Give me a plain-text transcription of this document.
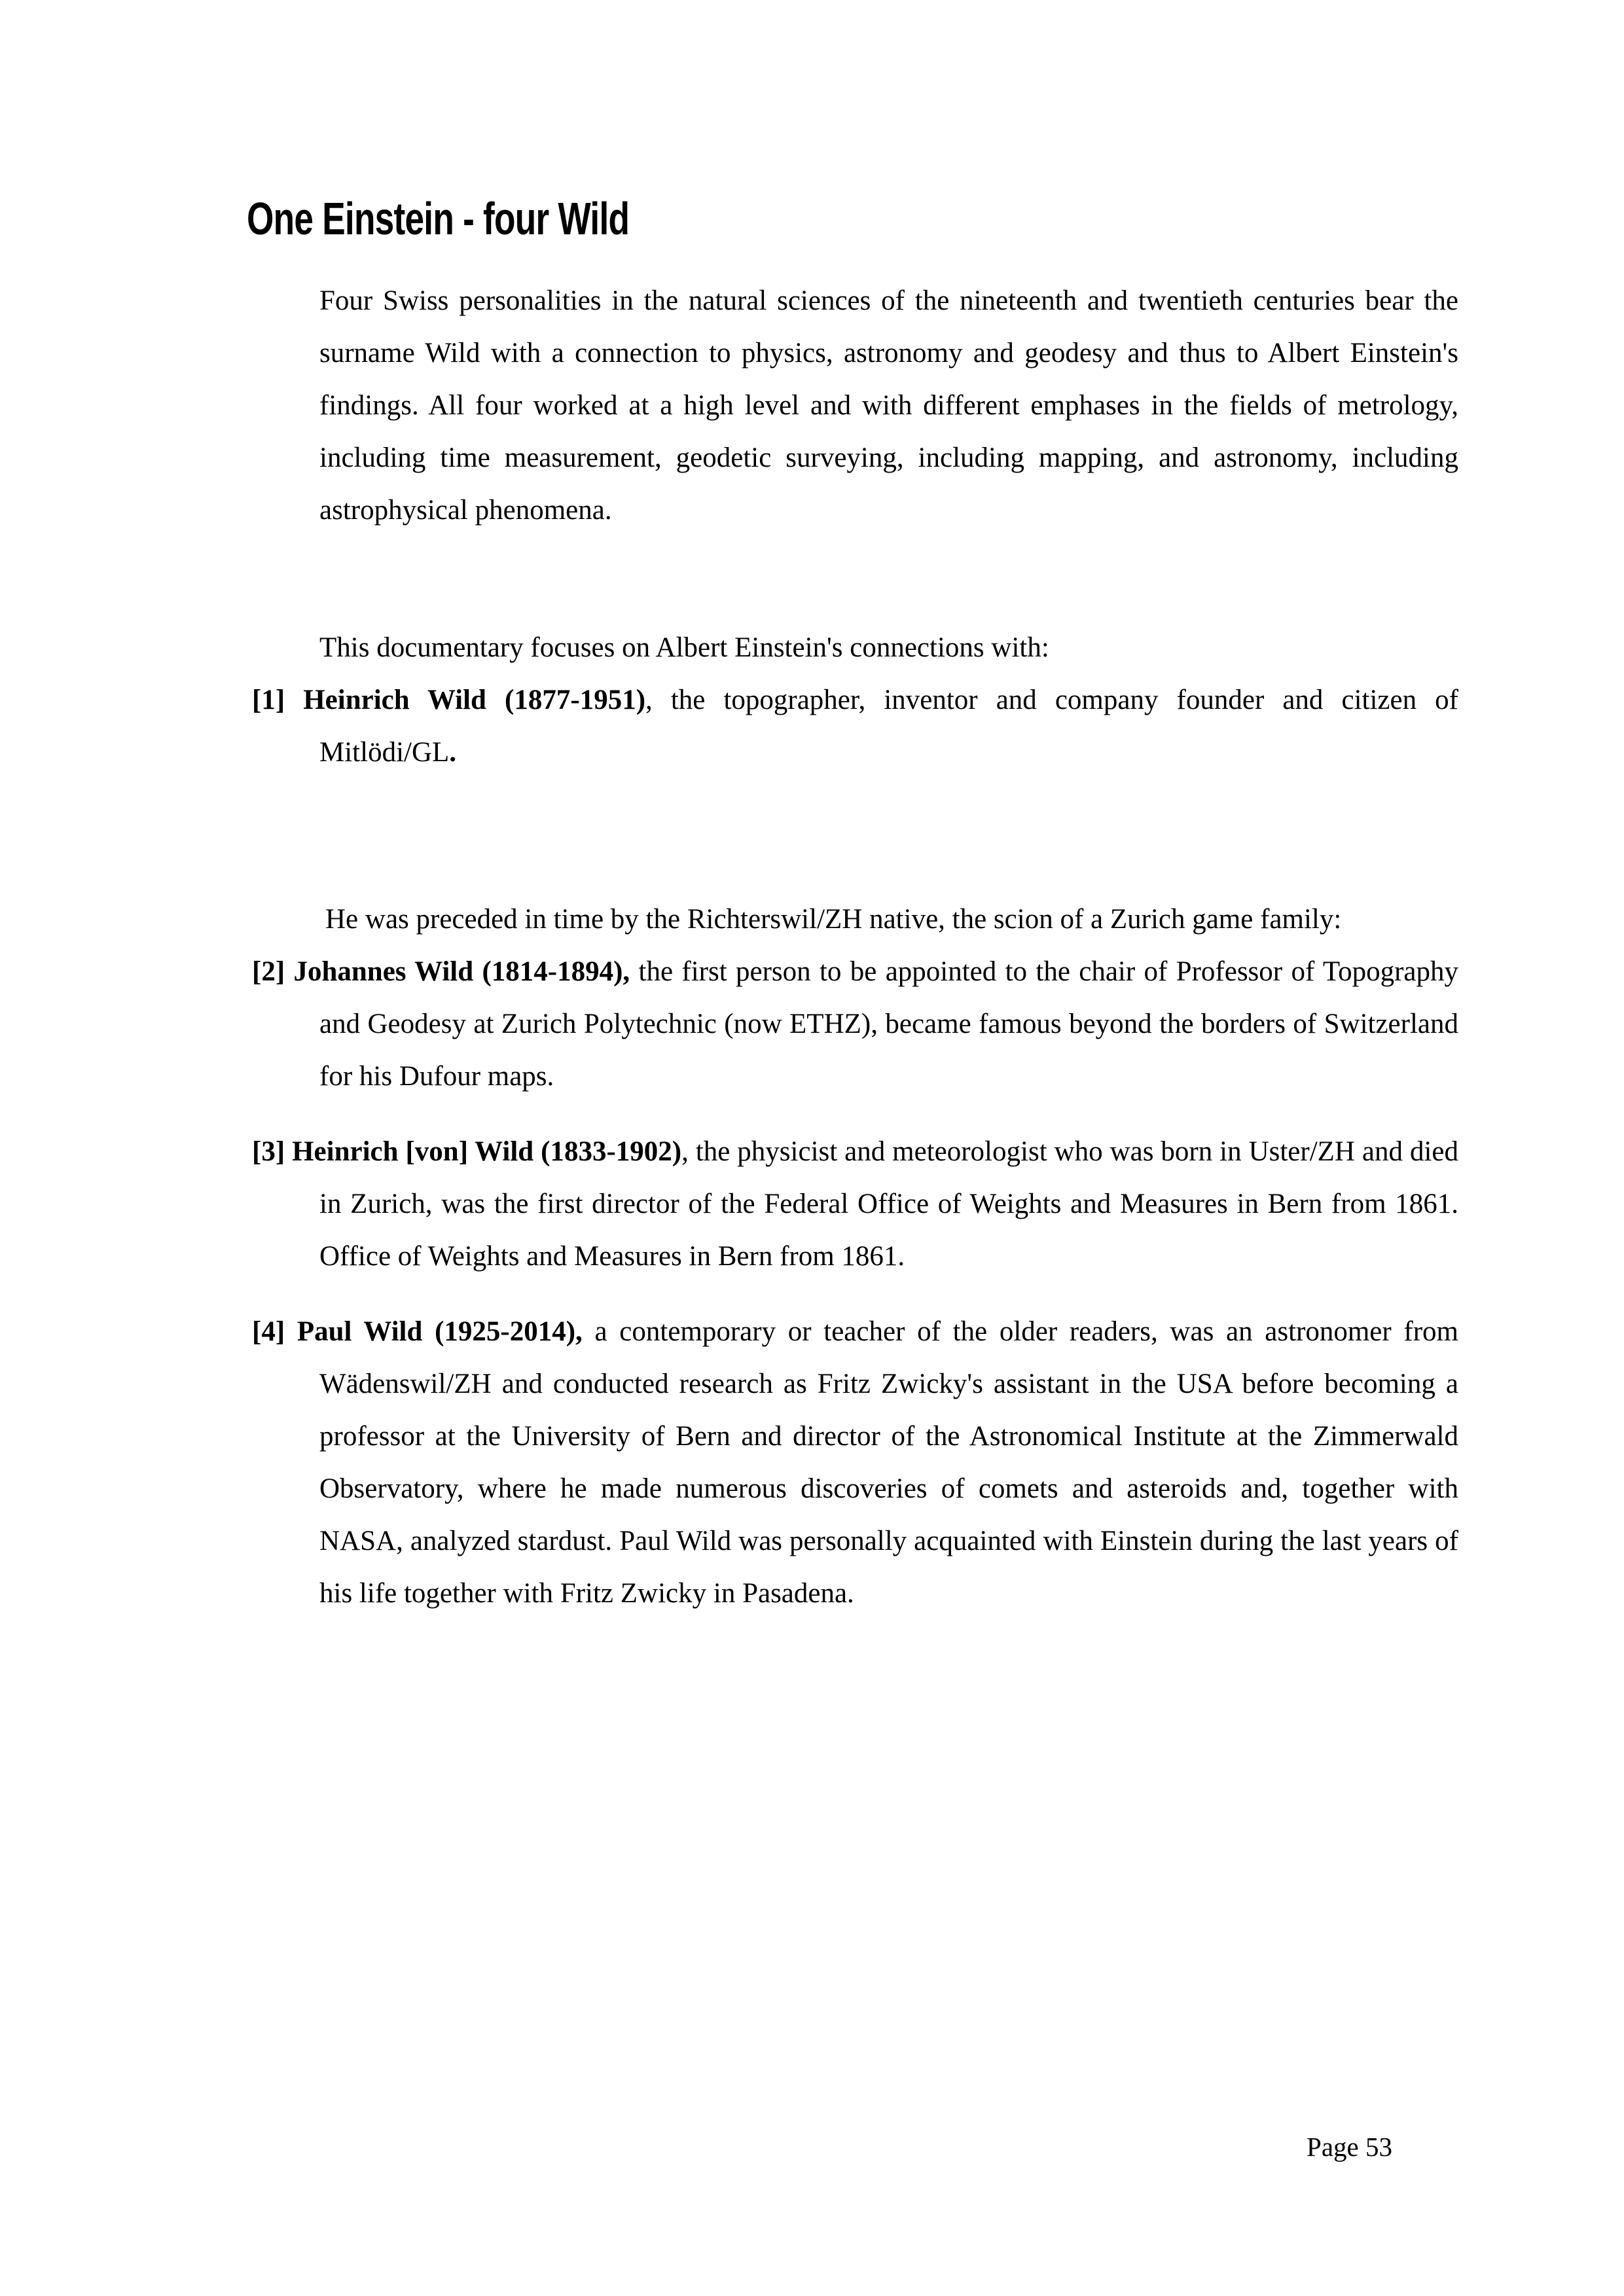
One Einstein - four Wild

Four Swiss personalities in the natural sciences of the nineteenth and twentieth centuries bear the surname Wild with a connection to physics, astronomy and geodesy and thus to Albert Einstein's findings. All four worked at a high level and with different emphases in the fields of metrology, including time measurement, geodetic surveying, including mapping, and astronomy, including astrophysical phenomena.

This documentary focuses on Albert Einstein's connections with:

[1] Heinrich Wild (1877-1951), the topographer, inventor and company founder and citizen of Mitlödi/GL.

He was preceded in time by the Richterswil/ZH native, the scion of a Zurich game family:

[2] Johannes Wild (1814-1894), the first person to be appointed to the chair of Professor of Topography and Geodesy at Zurich Polytechnic (now ETHZ), became famous beyond the borders of Switzerland for his Dufour maps.

[3] Heinrich [von] Wild (1833-1902), the physicist and meteorologist who was born in Uster/ZH and died in Zurich, was the first director of the Federal Office of Weights and Measures in Bern from 1861. Office of Weights and Measures in Bern from 1861.

[4] Paul Wild (1925-2014), a contemporary or teacher of the older readers, was an astronomer from Wädenswil/ZH and conducted research as Fritz Zwicky's assistant in the USA before becoming a professor at the University of Bern and director of the Astronomical Institute at the Zimmerwald Observatory, where he made numerous discoveries of comets and asteroids and, together with NASA, analyzed stardust. Paul Wild was personally acquainted with Einstein during the last years of his life together with Fritz Zwicky in Pasadena.

Page 53
